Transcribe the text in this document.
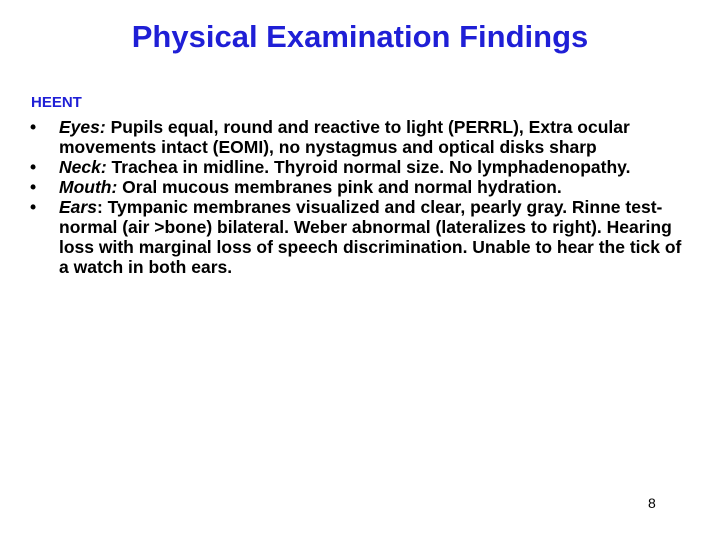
Physical Examination Findings
HEENT
•	Eyes: Pupils equal, round and reactive to light (PERRL), Extra ocular movements intact (EOMI), no nystagmus and optical disks sharp
•	Neck: Trachea in midline. Thyroid normal size. No lymphadenopathy.
•	Mouth: Oral mucous membranes pink and normal hydration.
•	Ears: Tympanic membranes visualized and clear, pearly gray. Rinne test-normal (air >bone) bilateral. Weber abnormal (lateralizes to right). Hearing loss with marginal loss of speech discrimination. Unable to hear the tick of a watch in both ears.
8
